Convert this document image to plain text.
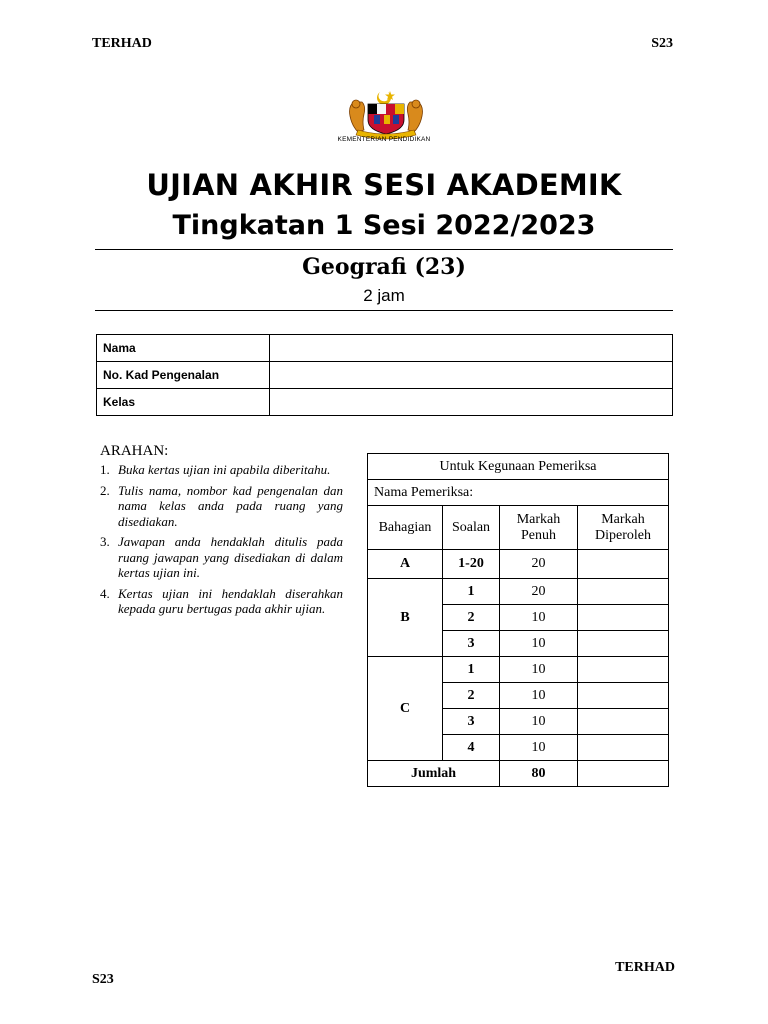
TERHAD	S23
TERHAD
S23
KEMENTERIAN PENDIDIKAN
UJIAN AKHIR SESI AKADEMIK
Tingkatan 1 Sesi 2022/2023
Geografi (23)
2 jam
Nama	
No. Kad Pengenalan	
Kelas	
ARAHAN:
1. Buka kertas ujian ini apabila diberitahu.
2. Tulis nama, nombor kad pengenalan dan nama kelas anda pada ruang yang disediakan.
3. Jawapan anda hendaklah ditulis pada ruang jawapan yang disediakan di dalam kertas ujian ini.
4. Kertas ujian ini hendaklah diserahkan kepada guru bertugas pada akhir ujian.
Untuk Kegunaan Pemeriksa			
Nama Pemeriksa:			
Bahagian	Soalan	Markah Penuh	Markah Diperoleh
A	1-20	20	
B	1	20	
	2	10	
	3	10	
C	1	10	
	2	10	
	3	10	
	4	10	
Jumlah		80	
